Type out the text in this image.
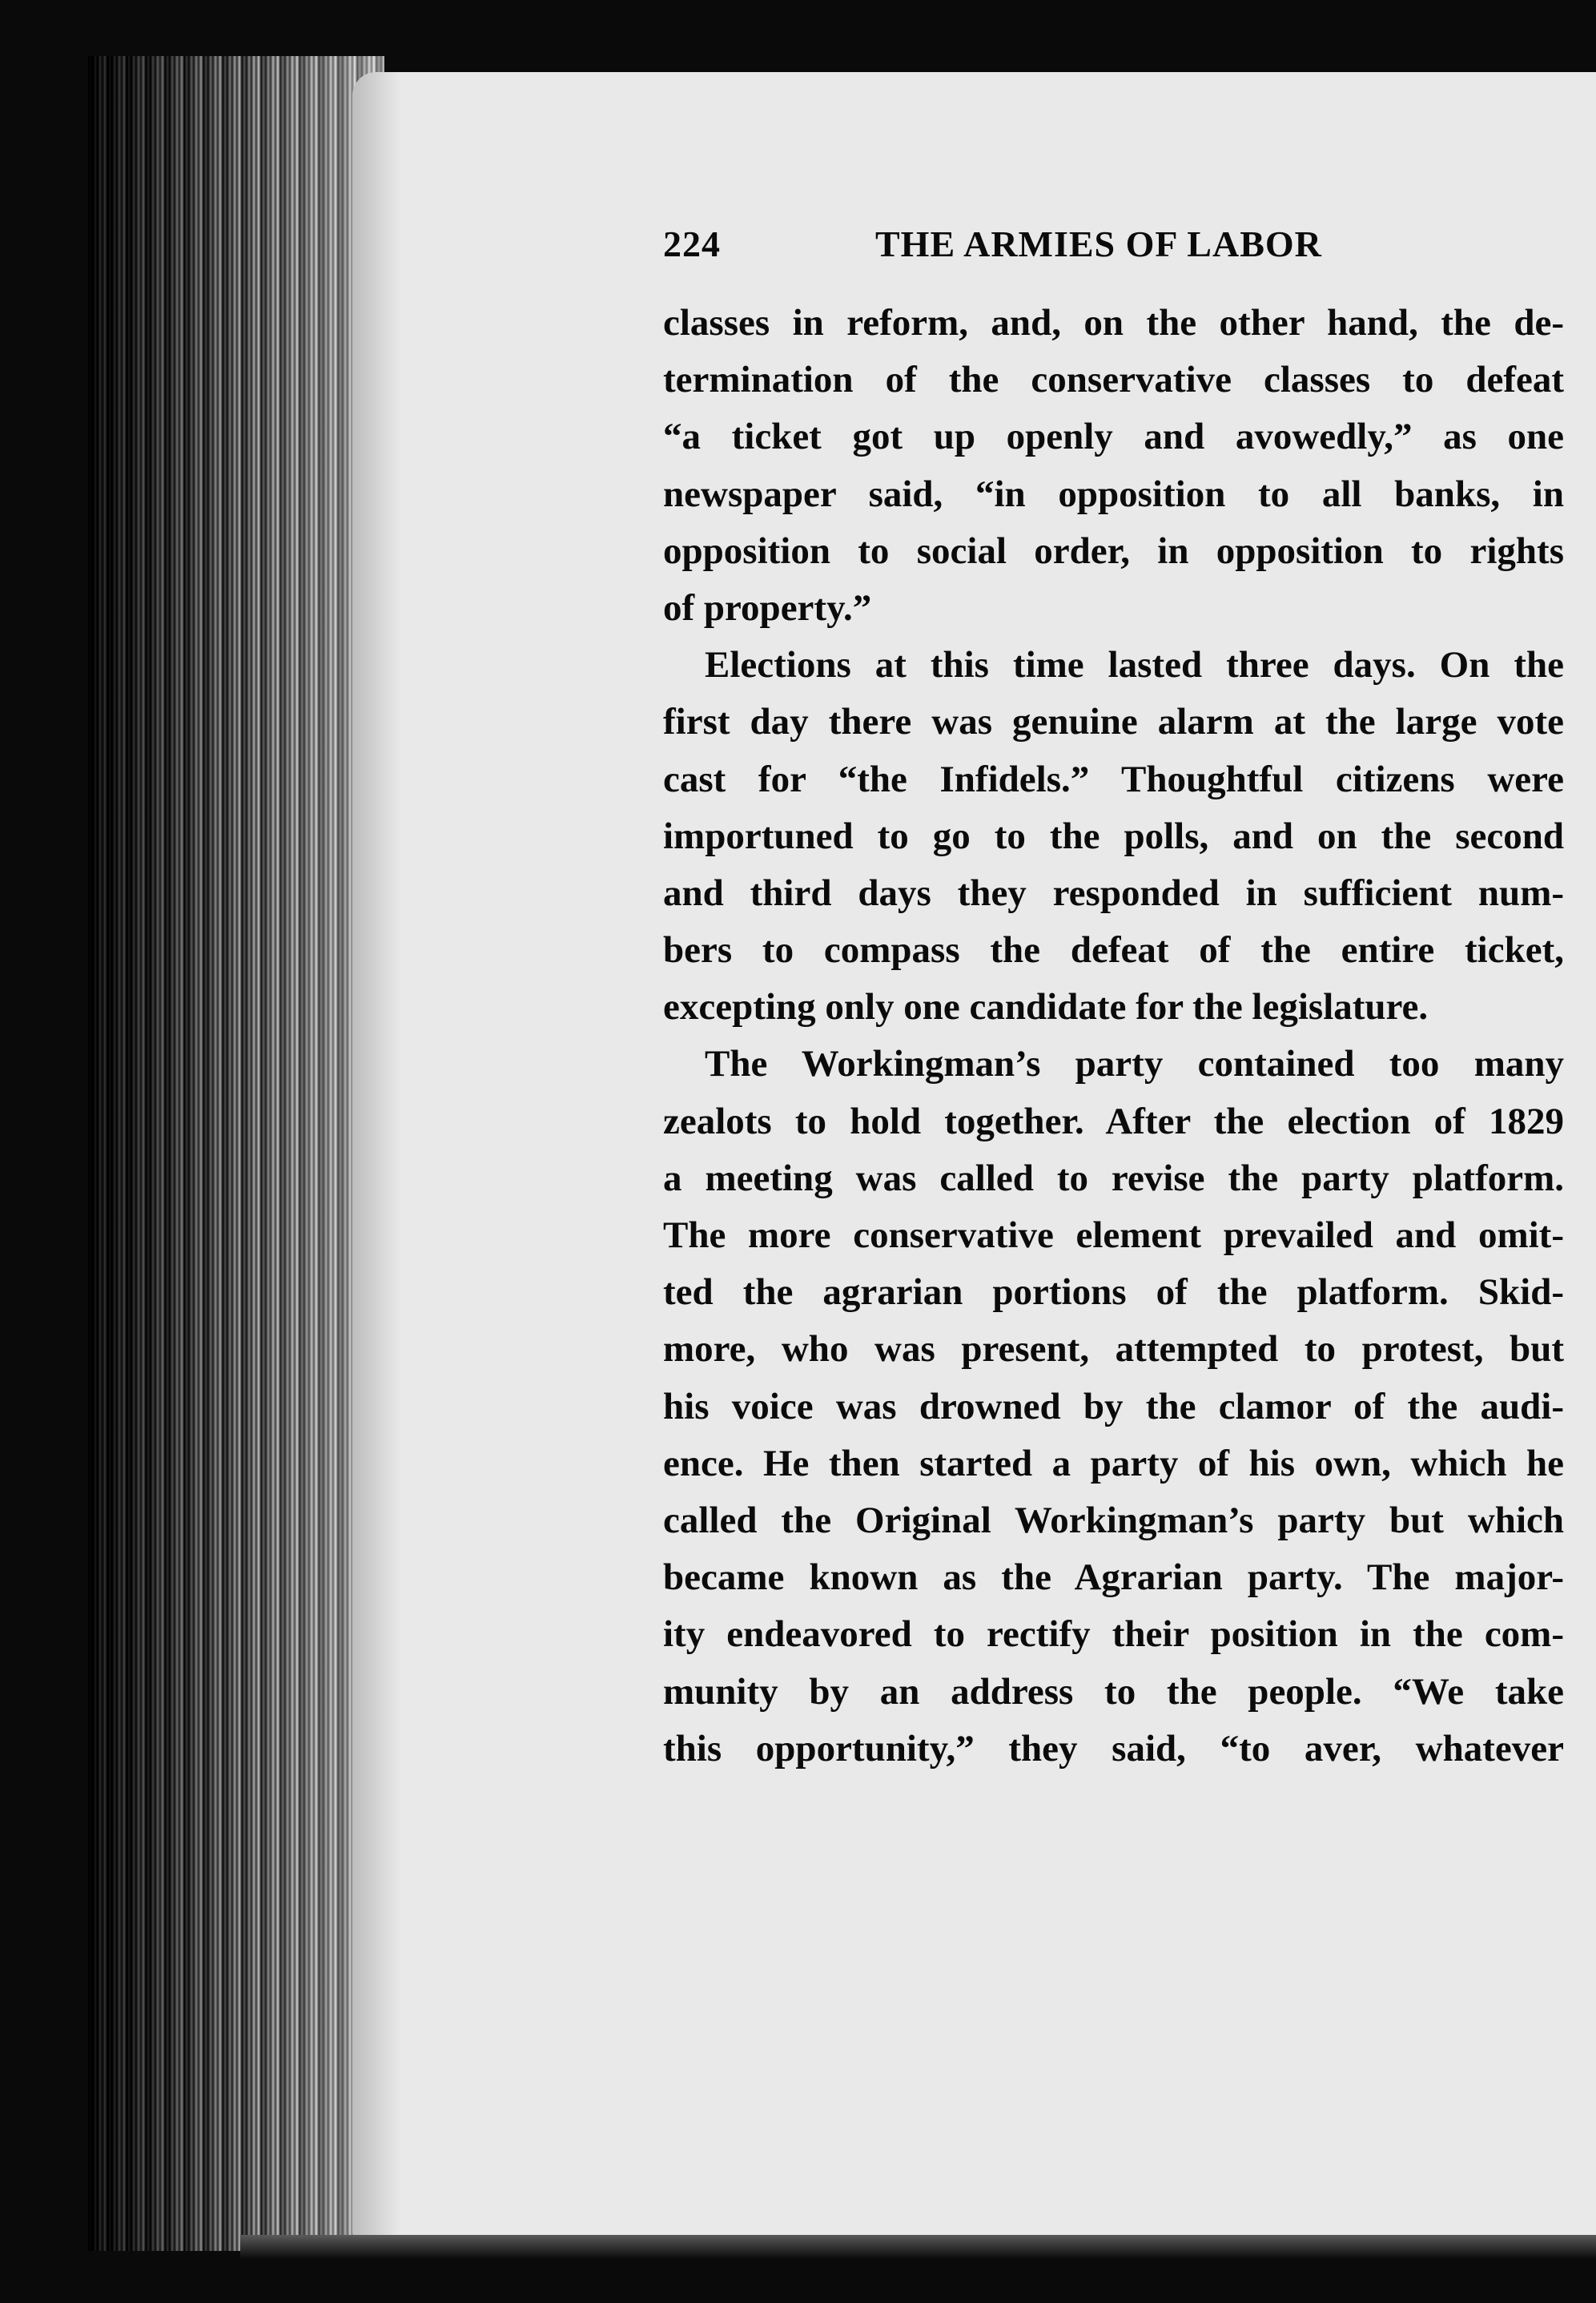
224	THE ARMIES OF LABOR
classes in reform, and, on the other hand, the de-
termination of the conservative classes to defeat
“a ticket got up openly and avowedly,” as one
newspaper said, “in opposition to all banks, in
opposition to social order, in opposition to rights
of property.”
Elections at this time lasted three days. On the
first day there was genuine alarm at the large vote
cast for “the Infidels.” Thoughtful citizens were
importuned to go to the polls, and on the second
and third days they responded in sufficient num-
bers to compass the defeat of the entire ticket,
excepting only one candidate for the legislature.
The Workingman’s party contained too many
zealots to hold together. After the election of 1829
a meeting was called to revise the party platform.
The more conservative element prevailed and omit-
ted the agrarian portions of the platform. Skid-
more, who was present, attempted to protest, but
his voice was drowned by the clamor of the audi-
ence. He then started a party of his own, which he
called the Original Workingman’s party but which
became known as the Agrarian party. The major-
ity endeavored to rectify their position in the com-
munity by an address to the people. “We take
this opportunity,” they said, “to aver, whatever
